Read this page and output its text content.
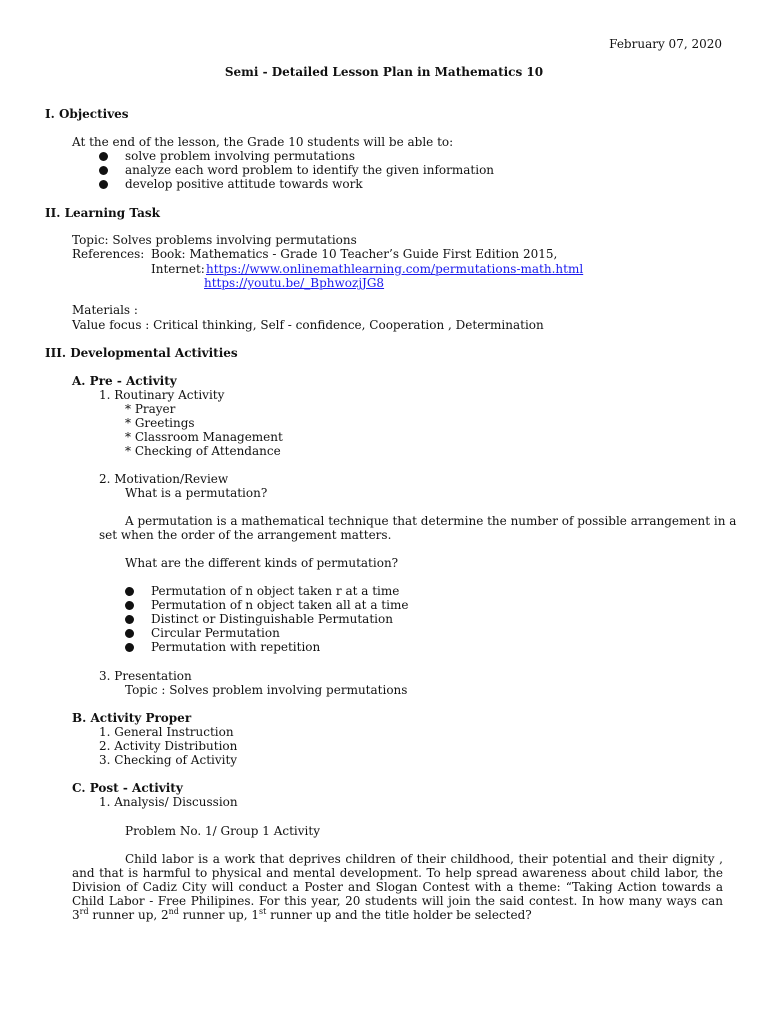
February 07, 2020
Semi - Detailed Lesson Plan in Mathematics 10
I. Objectives
At the end of the lesson, the Grade 10 students will be able to:
solve problem involving permutations
analyze each word problem to identify the given information
develop positive attitude towards work
II. Learning Task
Topic: Solves problems involving permutations
References: Book: Mathematics - Grade 10 Teacher’s Guide First Edition 2015,
Internet: https://www.onlinemathlearning.com/permutations-math.html
https://youtu.be/_BphwozjJG8
Materials :
Value focus : Critical thinking, Self - confidence, Cooperation , Determination
III. Developmental Activities
A. Pre - Activity
1. Routinary Activity
* Prayer
* Greetings
* Classroom Management
* Checking of Attendance
2. Motivation/Review
What is a permutation?
A permutation is a mathematical technique that determine the number of possible arrangement in a
set when the order of the arrangement matters.
What are the different kinds of permutation?
Permutation of n object taken r at a time
Permutation of n object taken all at a time
Distinct or Distinguishable Permutation
Circular Permutation
Permutation with repetition
3. Presentation
Topic : Solves problem involving permutations
B. Activity Proper
1. General Instruction
2. Activity Distribution
3. Checking of Activity
C. Post - Activity
1. Analysis/ Discussion
Problem No. 1/ Group 1 Activity
Child labor is a work that deprives children of their childhood, their potential and their dignity , and that is harmful to physical and mental development. To help spread awareness about child labor, the Division of Cadiz City will conduct a Poster and Slogan Contest with a theme: “Taking Action towards a Child Labor - Free Philipines. For this year, 20 students will join the said contest. In how many ways can 3rd runner up, 2nd runner up, 1st runner up and the title holder be selected?
